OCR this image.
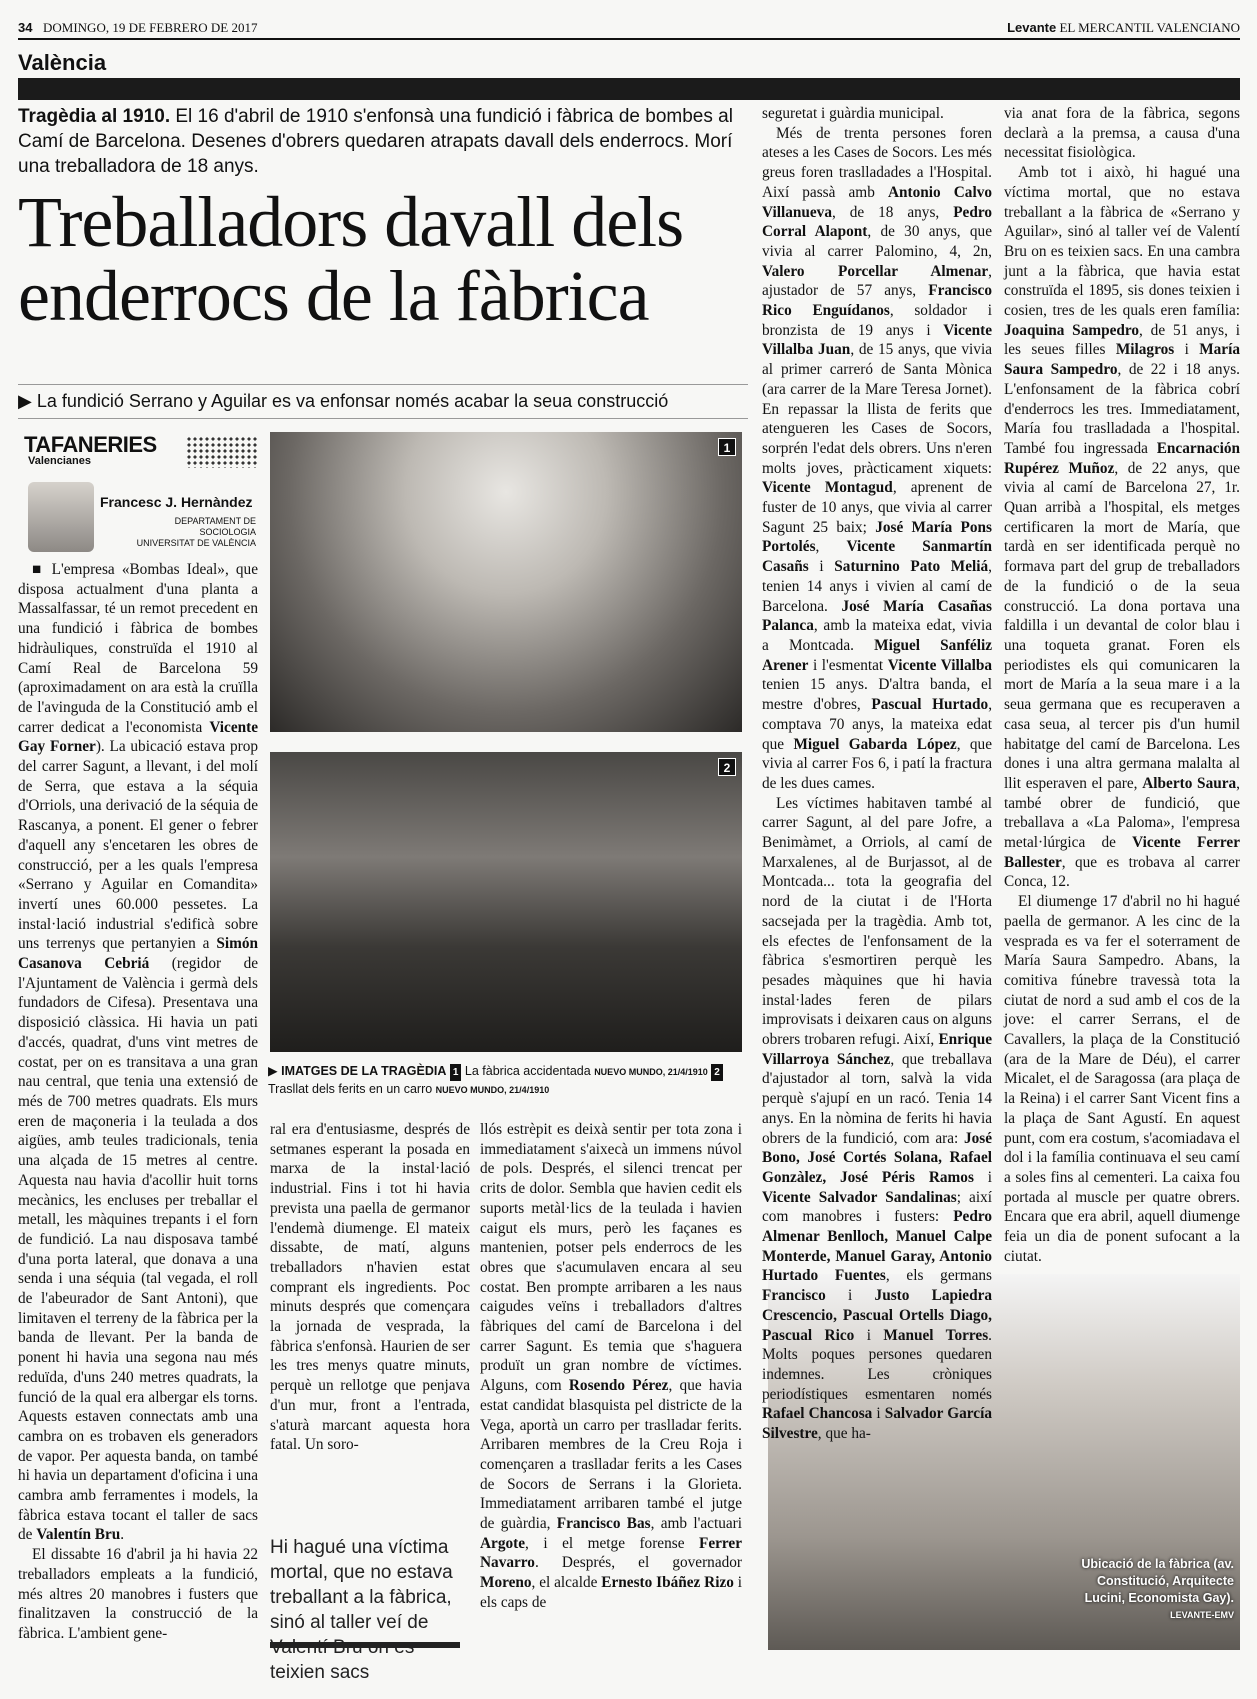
34 DOMINGO, 19 DE FEBRERO DE 2017	Levante EL MERCANTIL VALENCIANO
València
Tragèdia al 1910. El 16 d'abril de 1910 s'enfonsà una fundició i fàbrica de bombes al Camí de Barcelona. Desenes d'obrers quedaren atrapats davall dels enderrocs. Morí una treballadora de 18 anys.
Treballadors davall dels enderrocs de la fàbrica
▶ La fundició Serrano y Aguilar es va enfonsar només acabar la seua construcció
TAFANERIES
Valencianes
Francesc J. Hernàndez
DEPARTAMENT DE SOCIOLOGIA
UNIVERSITAT DE VALÈNCIA
1
2
▶ IMATGES DE LA TRAGÈDIA 1 La fàbrica accidentada NUEVO MUNDO, 21/4/1910 2 Trasllat dels ferits en un carro NUEVO MUNDO, 21/4/1910
Ubicació de la fàbrica (av. Constitució, Arquitecte Lucini, Economista Gay).
LEVANTE-EMV

■ L'empresa «Bombas Ideal», que disposa actualment d'una planta a Massalfassar, té un remot precedent en una fundició i fàbrica de bombes hidràuliques, construïda el 1910 al Camí Real de Barcelona 59 (aproximadament on ara està la cruïlla de l'avinguda de la Constitució amb el carrer dedicat a l'economista Vicente Gay Forner). La ubicació estava prop del carrer Sagunt, a llevant, i del molí de Serra, que estava a la séquia d'Orriols, una derivació de la séquia de Rascanya, a ponent. El gener o febrer d'aquell any s'encetaren les obres de construcció, per a les quals l'empresa «Serrano y Aguilar en Comandita» invertí unes 60.000 pessetes. La instal·lació industrial s'edificà sobre uns terrenys que pertanyien a Simón Casanova Cebriá (regidor de l'Ajuntament de València i germà dels fundadors de Cifesa). Presentava una disposició clàssica. Hi havia un pati d'accés, quadrat, d'uns vint metres de costat, per on es transitava a una gran nau central, que tenia una extensió de més de 700 metres quadrats. Els murs eren de maçoneria i la teulada a dos aigües, amb teules tradicionals, tenia una alçada de 15 metres al centre. Aquesta nau havia d'acollir huit torns mecànics, les encluses per treballar el metall, les màquines trepants i el forn de fundició. La nau disposava també d'una porta lateral, que donava a una senda i una séquia (tal vegada, el roll de l'abeurador de Sant Antoni), que limitaven el terreny de la fàbrica per la banda de llevant. Per la banda de ponent hi havia una segona nau més reduïda, d'uns 240 metres quadrats, la funció de la qual era albergar els torns. Aquests estaven connectats amb una cambra on es trobaven els generadors de vapor. Per aquesta banda, on també hi havia un departament d'oficina i una cambra amb ferramentes i models, la fàbrica estava tocant el taller de sacs de Valentín Bru.

El dissabte 16 d'abril ja hi havia 22 treballadors empleats a la fundició, més altres 20 manobres i fusters que finalitzaven la construcció de la fàbrica. L'ambient gene-

ral era d'entusiasme, després de setmanes esperant la posada en marxa de la instal·lació industrial. Fins i tot hi havia prevista una paella de germanor l'endemà diumenge. El mateix dissabte, de matí, alguns treballadors n'havien estat comprant els ingredients. Poc minuts després que començara la jornada de vesprada, la fàbrica s'enfonsà. Haurien de ser les tres menys quatre minuts, perquè un rellotge que penjava d'un mur, front a l'entrada, s'aturà marcant aquesta hora fatal. Un soro-

Hi hagué una víctima mortal, que no estava treballant a la fàbrica, sinó al taller veí de teixien sacs

llós estrèpit es deixà sentir per tota zona i immediatament s'aixecà un immens núvol de pols. Després, el silenci trencat per crits de dolor. Sembla que havien cedit els suports metàl·lics de la teulada i havien caigut els murs, però les façanes es mantenien, potser pels enderrocs de les obres que s'acumulaven encara al seu costat. Ben prompte arribaren a les naus caigudes veïns i treballadors d'altres fàbriques del camí de Barcelona i del carrer Sagunt. Es temia que s'haguera produït un gran nombre de víctimes. Alguns, com Rosendo Pérez, que havia estat candidat blasquista pel districte de la Vega, aportà un carro per traslladar ferits. Arribaren membres de la Creu Roja i començaren a traslladar ferits a les Cases de Socors de Serrans i la Glorieta. Immediatament arribaren també el jutge de guàrdia, Francisco Bas, amb l'actuari Argote, i el metge forense Ferrer Navarro. Després, el governador Moreno, el alcalde Ernesto Ibáñez Rizo i els caps de

seguretat i guàrdia municipal.

Més de trenta persones foren ateses a les Cases de Socors. Les més greus foren traslladades a l'Hospital. Així passà amb Antonio Calvo Villanueva, de 18 anys, Pedro Corral Alapont, de 30 anys, que vivia al carrer Palomino, 4, 2n, Valero Porcellar Almenar, ajustador de 57 anys, Francisco Rico Enguídanos, soldador i bronzista de 19 anys i Vicente Villalba Juan, de 15 anys, que vivia al primer carreró de Santa Mònica (ara carrer de la Mare Teresa Jornet). En repassar la llista de ferits que atengueren les Cases de Socors, sorprén l'edat dels obrers. Uns n'eren molts joves, pràcticament xiquets: Vicente Montagud, aprenent de fuster de 10 anys, que vivia al carrer Sagunt 25 baix; José María Pons Portolés, Vicente Sanmartín Casañs i Saturnino Pato Meliá, tenien 14 anys i vivien al camí de Barcelona. José María Casañas Palanca, amb la mateixa edat, vivia a Montcada. Miguel Sanféliz Arener i l'esmentat Vicente Villalba tenien 15 anys. D'altra banda, el mestre d'obres, Pascual Hurtado, comptava 70 anys, la mateixa edat que Miguel Gabarda López, que vivia al carrer Fos 6, i patí la fractura de les dues cames.

Les víctimes habitaven també al carrer Sagunt, al del pare Jofre, a Benimàmet, a Orriols, al camí de Marxalenes, al de Burjassot, al de Montcada... tota la geografia del nord de la ciutat i de l'Horta sacsejada per la tragèdia. Amb tot, els efectes de l'enfonsament de la fàbrica s'esmortiren perquè les pesades màquines que hi havia instal·lades feren de pilars improvisats i deixaren caus on alguns obrers trobaren refugi. Així, Enrique Villarroya Sánchez, que treballava d'ajustador al torn, salvà la vida perquè s'ajupí en un racó. Tenia 14 anys. En la nòmina de ferits hi havia obrers de la fundició, com ara: José Bono, José Cortés Solana, Rafael Gonzàlez, José Péris Ramos i Vicente Salvador Sandalinas; així com manobres i fusters: Pedro Almenar Benlloch, Manuel Calpe Monterde, Manuel Garay, Antonio Hurtado Fuentes, els germans Francisco i Justo Lapiedra Crescencio, Pascual Ortells Diago, Pascual Rico i Manuel Torres. Molts poques persones quedaren indemnes. Les cròniques periodístiques esmentaren només Rafael Chancosa i Salvador García Silvestre, que ha-

via anat fora de la fàbrica, segons declarà a la premsa, a causa d'una necessitat fisiològica.

Amb tot i això, hi hagué una víctima mortal, que no estava treballant a la fàbrica de «Serrano y Aguilar», sinó al taller veí de Valentí Bru on es teixien sacs. En una cambra junt a la fàbrica, que havia estat construïda el 1895, sis dones teixien i cosien, tres de les quals eren família: Joaquina Sampedro, de 51 anys, i les seues filles Milagros i María Saura Sampedro, de 22 i 18 anys. L'enfonsament de la fàbrica cobrí d'enderrocs les tres. Immediatament, María fou traslladada a l'hospital. També fou ingressada Encarnación Rupérez Muñoz, de 22 anys, que vivia al camí de Barcelona 27, 1r. Quan arribà a l'hospital, els metges certificaren la mort de María, que tardà en ser identificada perquè no formava part del grup de treballadors de la fundició o de la seua construcció. La dona portava una faldilla i un devantal de color blau i una toqueta granat. Foren els periodistes els qui comunicaren la mort de María a la seua mare i a la seua germana que es recuperaven a casa seua, al tercer pis d'un humil habitatge del camí de Barcelona. Les dones i una altra germana malalta al llit esperaven el pare, Alberto Saura, també obrer de fundició, que treballava a «La Paloma», l'empresa metal·lúrgica de Vicente Ferrer Ballester, que es trobava al carrer Conca, 12.

El diumenge 17 d'abril no hi hagué paella de germanor. A les cinc de la vesprada es va fer el soterrament de María Saura Sampedro. Abans, la comitiva fúnebre travessà tota la ciutat de nord a sud amb el cos de la jove: el carrer Serrans, el de Cavallers, la plaça de la Constitució (ara de la Mare de Déu), el carrer Micalet, el de Saragossa (ara plaça de la Reina) i el carrer Sant Vicent fins a la plaça de Sant Agustí. En aquest punt, com era costum, s'acomiadava el dol i la família continuava el seu camí a soles fins al cementeri. La caixa fou portada al muscle per quatre obrers. Encara que era abril, aquell diumenge feia un dia de ponent sufocant a la ciutat.
